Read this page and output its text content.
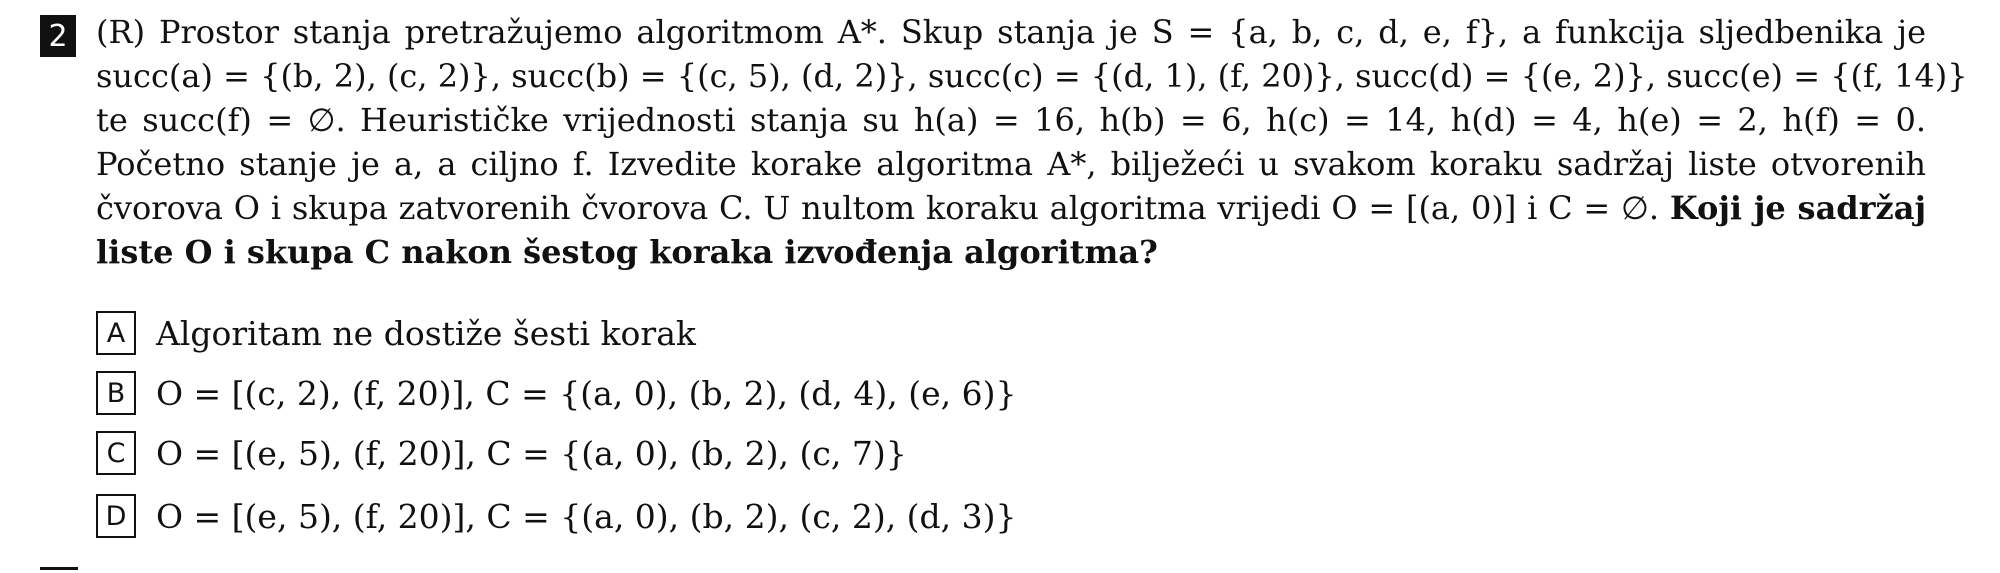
2 (R) Prostor stanja pretražujemo algoritmom A*. Skup stanja je S = {a, b, c, d, e, f}, a funkcija sljedbenika je
succ(a) = {(b, 2), (c, 2)}, succ(b) = {(c, 5), (d, 2)}, succ(c) = {(d, 1), (f, 20)}, succ(d) = {(e, 2)}, succ(e) = {(f, 14)}
te succ(f) = ∅. Heurističke vrijednosti stanja su h(a) = 16, h(b) = 6, h(c) = 14, h(d) = 4, h(e) = 2, h(f) = 0.
Početno stanje je a, a ciljno f. Izvedite korake algoritma A*, bilježeći u svakom koraku sadržaj liste otvorenih
čvorova O i skupa zatvorenih čvorova C. U nultom koraku algoritma vrijedi O = [(a, 0)] i C = ∅. Koji je sadržaj
liste O i skupa C nakon šestog koraka izvođenja algoritma?
A Algoritam ne dostiže šesti korak
B O = [(c, 2), (f, 20)], C = {(a, 0), (b, 2), (d, 4), (e, 6)}
C O = [(e, 5), (f, 20)], C = {(a, 0), (b, 2), (c, 7)}
D O = [(e, 5), (f, 20)], C = {(a, 0), (b, 2), (c, 2), (d, 3)}
